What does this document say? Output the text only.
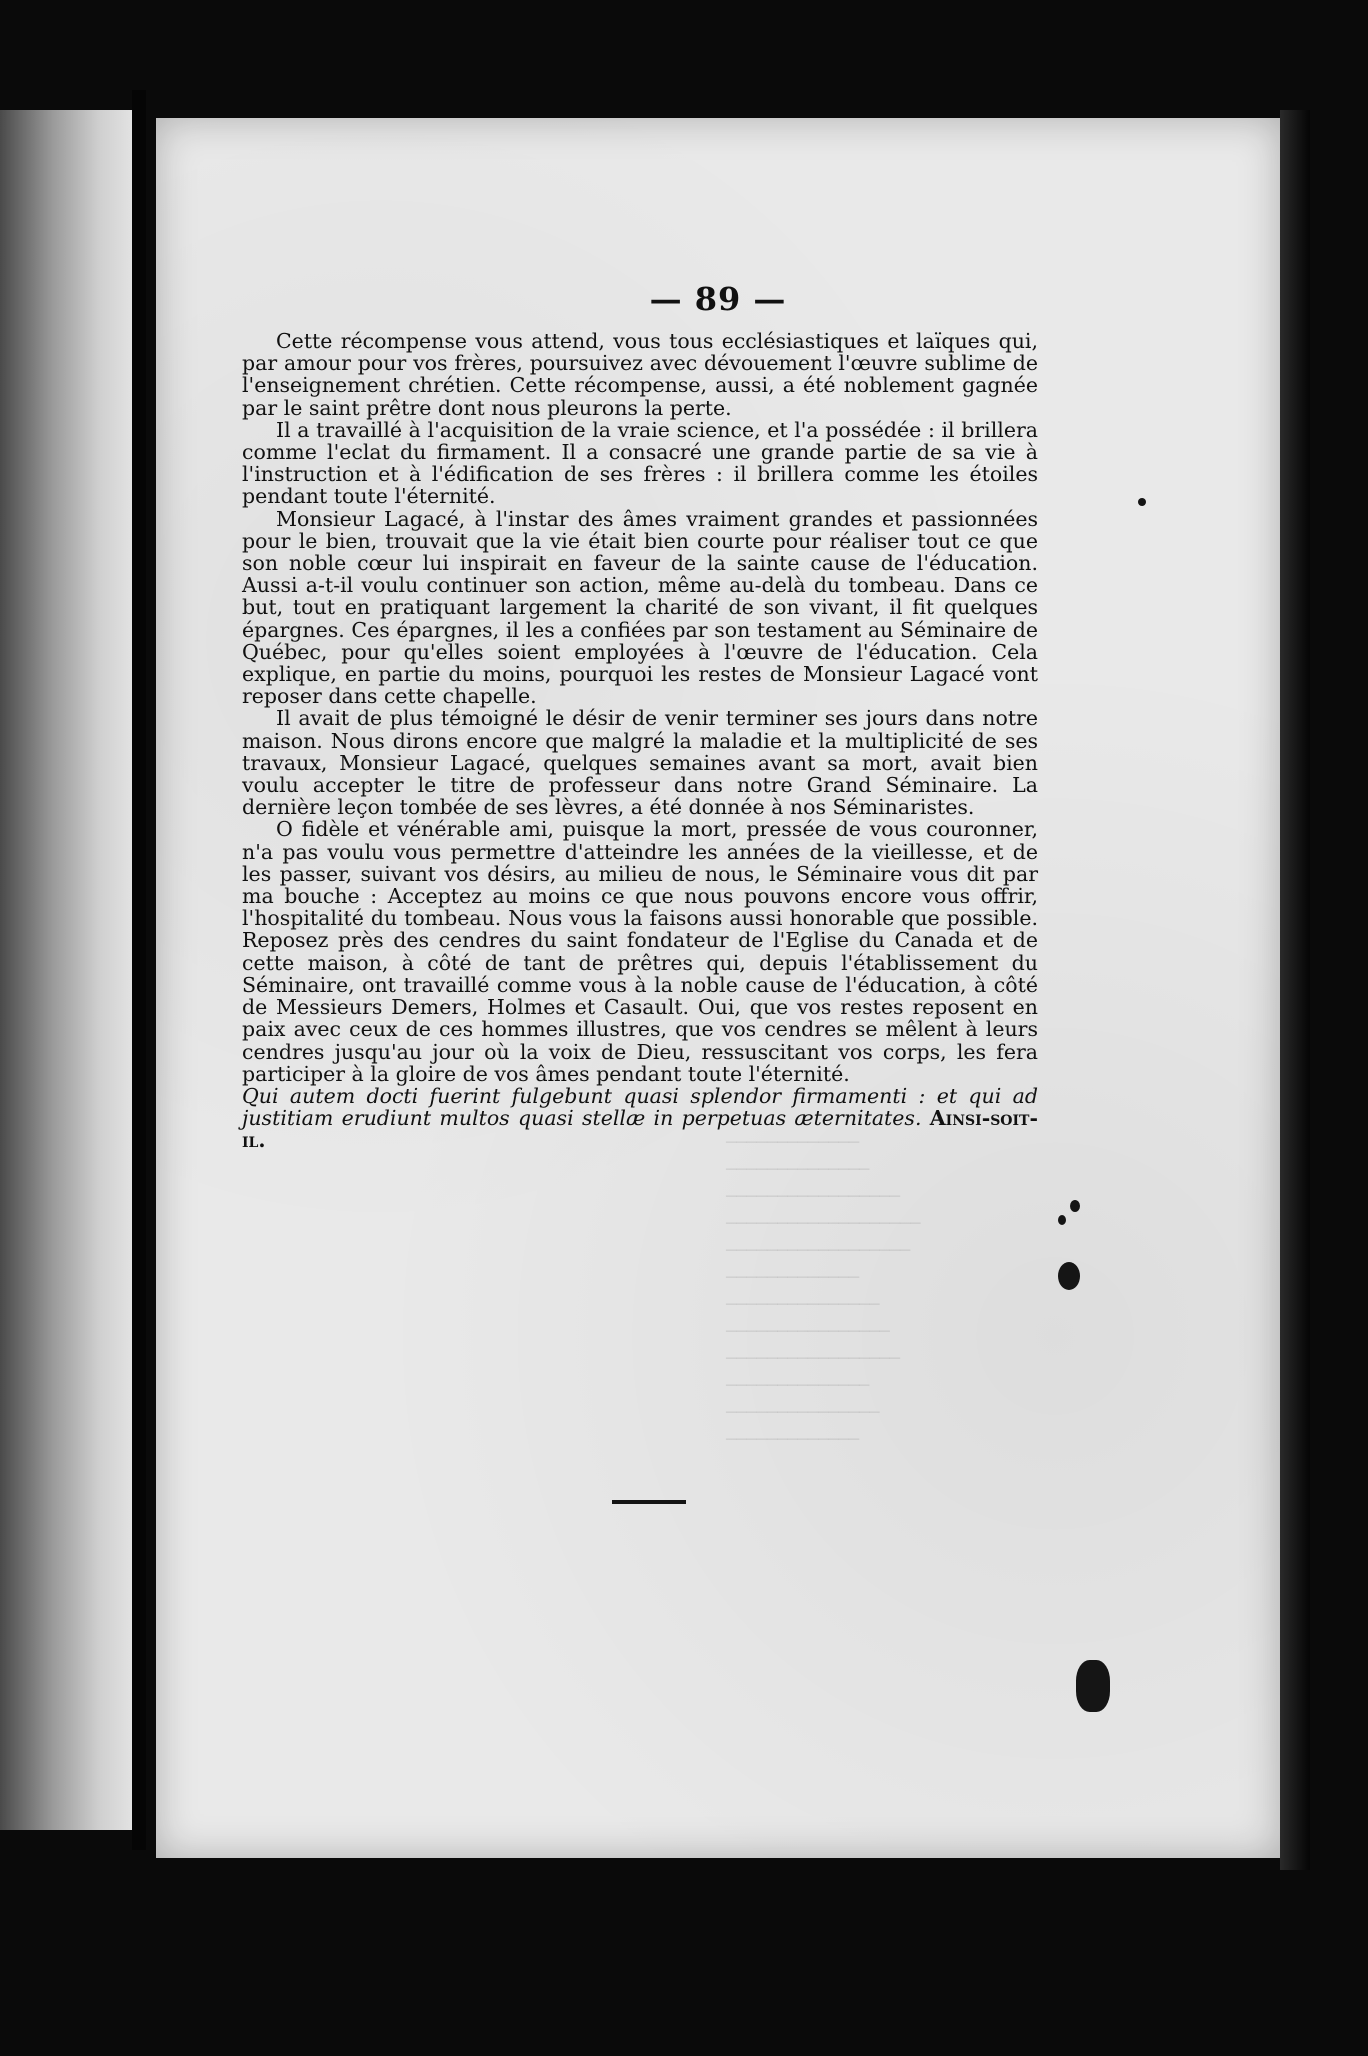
— 89 —

Cette récompense vous attend, vous tous ecclésiastiques et laïques qui, par amour pour vos frères, poursuivez avec dévouement l'œuvre sublime de l'enseignement chrétien. Cette récompense, aussi, a été noblement gagnée par le saint prêtre dont nous pleurons la perte.

Il a travaillé à l'acquisition de la vraie science, et l'a possédée : il brillera comme l'eclat du firmament. Il a consacré une grande partie de sa vie à l'instruction et à l'édification de ses frères : il brillera comme les étoiles pendant toute l'éternité.

Monsieur Lagacé, à l'instar des âmes vraiment grandes et passionnées pour le bien, trouvait que la vie était bien courte pour réaliser tout ce que son noble cœur lui inspirait en faveur de la sainte cause de l'éducation. Aussi a-t-il voulu continuer son action, même au-delà du tombeau. Dans ce but, tout en pratiquant largement la charité de son vivant, il fit quelques épargnes. Ces épargnes, il les a confiées par son testament au Séminaire de Québec, pour qu'elles soient employées à l'œuvre de l'éducation. Cela explique, en partie du moins, pourquoi les restes de Monsieur Lagacé vont reposer dans cette chapelle.

Il avait de plus témoigné le désir de venir terminer ses jours dans notre maison. Nous dirons encore que malgré la maladie et la multiplicité de ses travaux, Monsieur Lagacé, quelques semaines avant sa mort, avait bien voulu accepter le titre de professeur dans notre Grand Séminaire. La dernière leçon tombée de ses lèvres, a été donnée à nos Séminaristes.

O fidèle et vénérable ami, puisque la mort, pressée de vous couronner, n'a pas voulu vous permettre d'atteindre les années de la vieillesse, et de les passer, suivant vos désirs, au milieu de nous, le Séminaire vous dit par ma bouche : Acceptez au moins ce que nous pouvons encore vous offrir, l'hospitalité du tombeau. Nous vous la faisons aussi honorable que possible. Reposez près des cendres du saint fondateur de l'Eglise du Canada et de cette maison, à côté de tant de prêtres qui, depuis l'établissement du Séminaire, ont travaillé comme vous à la noble cause de l'éducation, à côté de Messieurs Demers, Holmes et Casault. Oui, que vos restes reposent en paix avec ceux de ces hommes illustres, que vos cendres se mêlent à leurs cendres jusqu'au jour où la voix de Dieu, ressuscitant vos corps, les fera participer à la gloire de vos âmes pendant toute l'éternité.

Qui autem docti fuerint fulgebunt quasi splendor firmamenti : et qui ad justitiam erudiunt multos quasi stellæ in perpetuas æternitates. Ainsi-soit-il.	─────────────
──────────────
─────────────────
───────────────────
──────────────────
─────────────
───────────────
────────────────
─────────────────
──────────────
───────────────
─────────────
